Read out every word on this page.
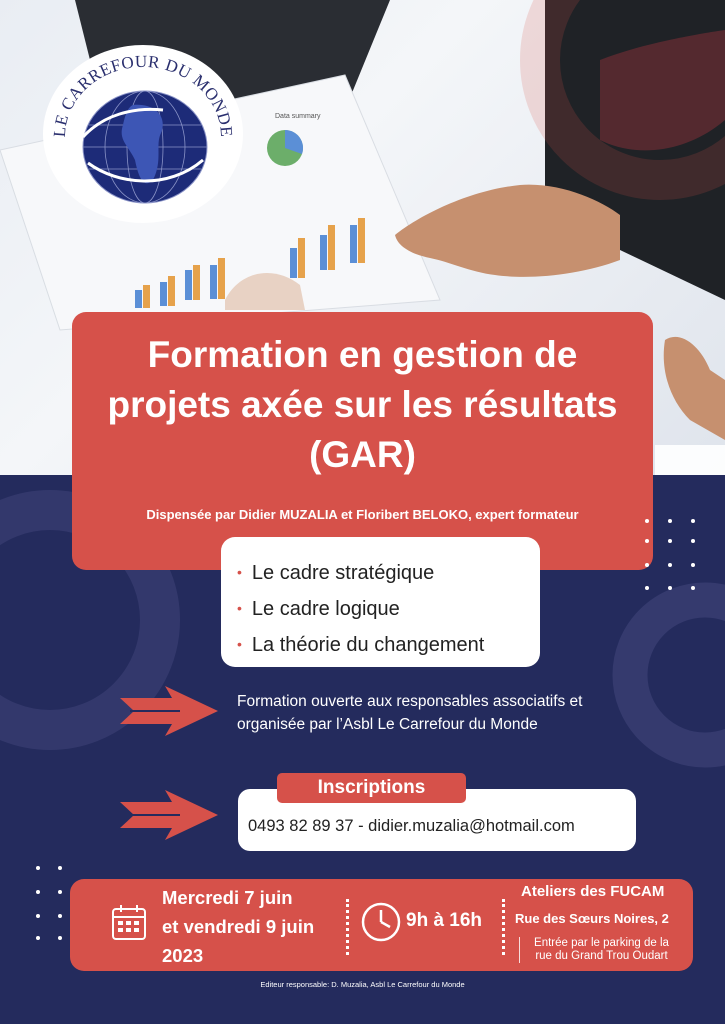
Data summary
LE CARREFOUR DU MONDE
Formation en gestion de
projets axée sur les résultats
(GAR)
Dispensée par Didier MUZALIA et Floribert BELOKO, expert formateur
• Le cadre stratégique
• Le cadre logique
• La théorie du changement
Formation ouverte aux responsables associatifs et
organisée par l’Asbl Le Carrefour du Monde
0493 82 89 37 - didier.muzalia@hotmail.com
Inscriptions
Mercredi 7 juin
et vendredi 9 juin
2023
9h à 16h
Ateliers des FUCAM
Rue des Sœurs Noires, 2
Entrée par le parking de la
rue du Grand Trou Oudart
Editeur responsable: D. Muzalia, Asbl Le Carrefour du Monde
